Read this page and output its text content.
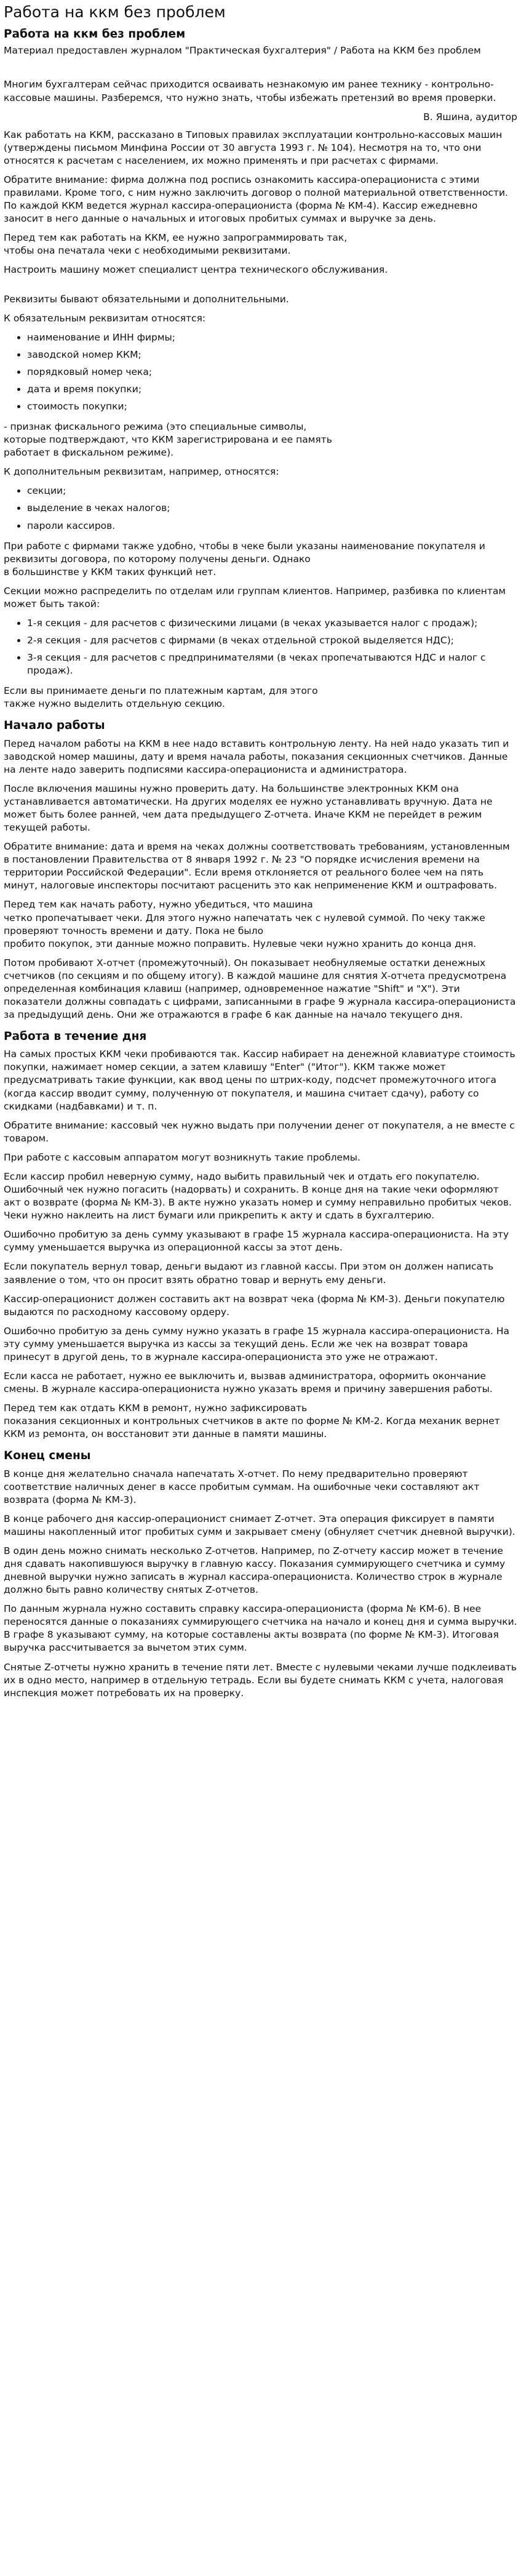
Работа на ккм без проблем
Работа на ккм без проблем

Материал предоставлен журналом "Практическая бухгалтерия" / Работа на ККМ без проблем

Многим бухгалтерам сейчас приходится осваивать незнакомую им ранее технику - контрольно-кассовые машины. Разберемся, что нужно знать, чтобы избежать претензий во время проверки.

В. Яшина, аудитор

Как работать на ККМ, рассказано в Типовых правилах эксплуатации контрольно-кассовых машин (утверждены письмом Минфина России от 30 августа 1993 г. № 104). Несмотря на то, что они относятся к расчетам с населением, их можно применять и при расчетах с фирмами.

Обратите внимание: фирма должна под роспись ознакомить кассира-операциониста с этими правилами. Кроме того, с ним нужно заключить договор о полной материальной ответственности. По каждой ККМ ведется журнал кассира-операциониста (форма № КМ-4). Кассир ежедневно заносит в него данные о начальных и итоговых пробитых суммах и выручке за день.

Перед тем как работать на ККМ, ее нужно запрограммировать так,
чтобы она печатала чеки с необходимыми реквизитами.

Настроить машину может специалист центра технического обслуживания.

Реквизиты бывают обязательными и дополнительными.

К обязательным реквизитам относятся:

• наименование и ИНН фирмы;
• заводской номер ККМ;
• порядковый номер чека;
• дата и время покупки;
• стоимость покупки;

- признак фискального режима (это специальные символы,
которые подтверждают, что ККМ зарегистрирована и ее память
работает в фискальном режиме).

К дополнительным реквизитам, например, относятся:

• секции;
• выделение в чеках налогов;
• пароли кассиров.

При работе с фирмами также удобно, чтобы в чеке были указаны наименование покупателя и реквизиты договора, по которому получены деньги. Однако
в большинстве у ККМ таких функций нет.

Секции можно распределить по отделам или группам клиентов. Например, разбивка по клиентам может быть такой:

• 1-я секция - для расчетов с физическими лицами (в чеках указывается налог с продаж);
• 2-я секция - для расчетов с фирмами (в чеках отдельной строкой выделяется НДС);
• 3-я секция - для расчетов с предпринимателями (в чеках пропечатываются НДС и налог с продаж).

Если вы принимаете деньги по платежным картам, для этого
также нужно выделить отдельную секцию.

Начало работы

Перед началом работы на ККМ в нее надо вставить контрольную ленту. На ней надо указать тип и заводской номер машины, дату и время начала работы, показания секционных счетчиков. Данные на ленте надо заверить подписями кассира-операциониста и администратора.

После включения машины нужно проверить дату. На большинстве электронных ККМ она устанавливается автоматически. На других моделях ее нужно устанавливать вручную. Дата не может быть более ранней, чем дата предыдущего Z-отчета. Иначе ККМ не перейдет в режим текущей работы.

Обратите внимание: дата и время на чеках должны соответствовать требованиям, установленным в постановлении Правительства от 8 января 1992 г. № 23 "О порядке исчисления времени на территории Российской Федерации". Если время отклоняется от реального более чем на пять минут, налоговые инспекторы посчитают расценить это как неприменение ККМ и оштрафовать.

Перед тем как начать работу, нужно убедиться, что машина
четко пропечатывает чеки. Для этого нужно напечатать чек с нулевой суммой. По чеку также проверяют точность времени и дату. Пока не было
пробито покупок, эти данные можно поправить. Нулевые чеки нужно хранить до конца дня.

Потом пробивают Х-отчет (промежуточный). Он показывает необнуляемые остатки денежных счетчиков (по секциям и по общему итогу). В каждой машине для снятия Х-отчета предусмотрена определенная комбинация клавиш (например, одновременное нажатие "Shift" и "Х"). Эти показатели должны совпадать с цифрами, записанными в графе 9 журнала кассира-операциониста за предыдущий день. Они же отражаются в графе 6 как данные на начало текущего дня.

Работа в течение дня

На самых простых ККМ чеки пробиваются так. Кассир набирает на денежной клавиатуре стоимость покупки, нажимает номер секции, а затем клавишу "Enter" ("Итог"). ККМ также может предусматривать такие функции, как ввод цены по штрих-коду, подсчет промежуточного итога (когда кассир вводит сумму, полученную от покупателя, и машина считает сдачу), работу со скидками (надбавками) и т. п.

Обратите внимание: кассовый чек нужно выдать при получении денег от покупателя, а не вместе с товаром.

При работе с кассовым аппаратом могут возникнуть такие проблемы.

Если кассир пробил неверную сумму, надо выбить правильный чек и отдать его покупателю. Ошибочный чек нужно погасить (надорвать) и сохранить. В конце дня на такие чеки оформляют акт о возврате (форма № КМ-3). В акте нужно указать номер и сумму неправильно пробитых чеков. Чеки нужно наклеить на лист бумаги или прикрепить к акту и сдать в бухгалтерию.

Ошибочно пробитую за день сумму указывают в графе 15 журнала кассира-операциониста. На эту сумму уменьшается выручка из операционной кассы за этот день.

Если покупатель вернул товар, деньги выдают из главной кассы. При этом он должен написать заявление о том, что он просит взять обратно товар и вернуть ему деньги.

Кассир-операционист должен составить акт на возврат чека (форма № КМ-3). Деньги покупателю выдаются по расходному кассовому ордеру.

Ошибочно пробитую за день сумму нужно указать в графе 15 журнала кассира-операциониста. На эту сумму уменьшается выручка из кассы за текущий день. Если же чек на возврат товара принесут в другой день, то в журнале кассира-операциониста это уже не отражают.

Если касса не работает, нужно ее выключить и, вызвав администратора, оформить окончание смены. В журнале кассира-операциониста нужно указать время и причину завершения работы.

Перед тем как отдать ККМ в ремонт, нужно зафиксировать
показания секционных и контрольных счетчиков в акте по форме № КМ-2. Когда механик вернет ККМ из ремонта, он восстановит эти данные в памяти машины.

Конец смены

В конце дня желательно сначала напечатать Х-отчет. По нему предварительно проверяют соответствие наличных денег в кассе пробитым суммам. На ошибочные чеки составляют акт возврата (форма № КМ-3).

В конце рабочего дня кассир-операционист снимает Z-отчет. Эта операция фиксирует в памяти машины накопленный итог пробитых сумм и закрывает смену (обнуляет счетчик дневной выручки).

В один день можно снимать несколько Z-отчетов. Например, по Z-отчету кассир может в течение дня сдавать накопившуюся выручку в главную кассу. Показания суммирующего счетчика и сумму дневной выручки нужно записать в журнал кассира-операциониста. Количество строк в журнале должно быть равно количеству снятых Z-отчетов.

По данным журнала нужно составить справку кассира-операциониста (форма № КМ-6). В нее переносятся данные о показаниях суммирующего счетчика на начало и конец дня и сумма выручки. В графе 8 указывают сумму, на которые составлены акты возврата (по форме № КМ-3). Итоговая выручка рассчитывается за вычетом этих сумм.

Снятые Z-отчеты нужно хранить в течение пяти лет. Вместе с нулевыми чеками лучше подклеивать их в одно место, например в отдельную тетрадь. Если вы будете снимать ККМ с учета, налоговая инспекция может потребовать их на проверку.
